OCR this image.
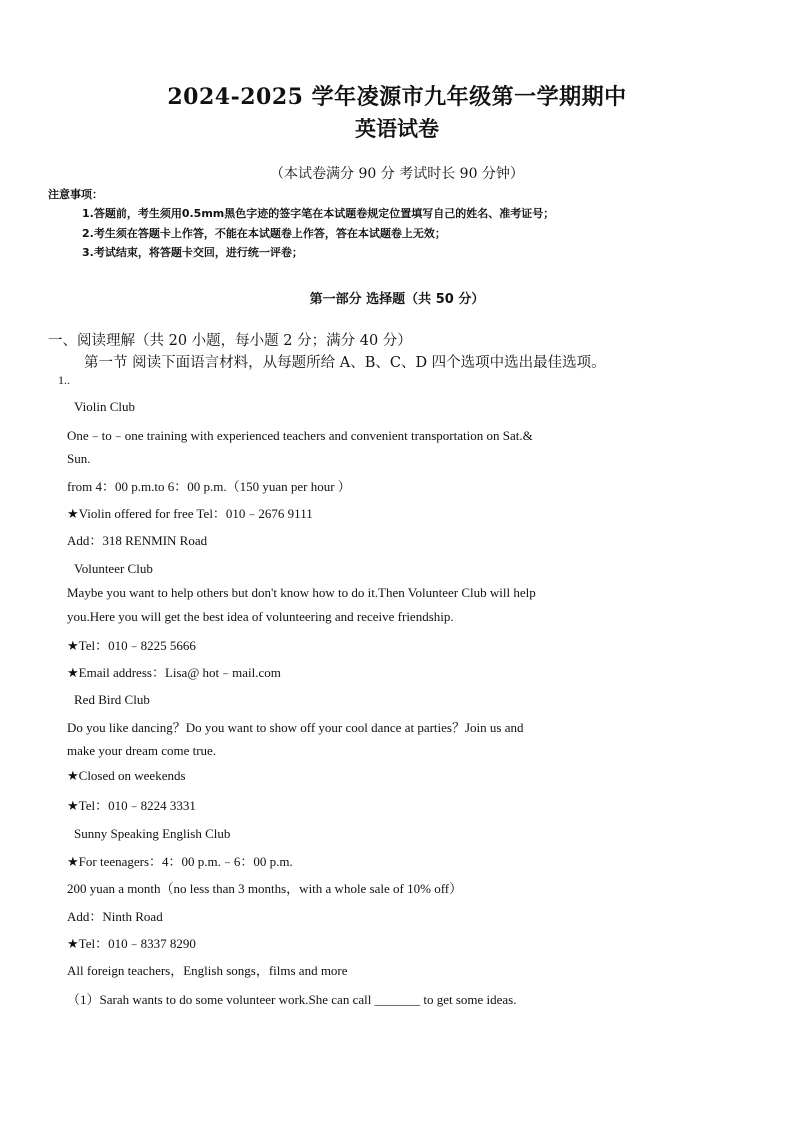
2024-2025 学年凌源市九年级第一学期期中
英语试卷
（本试卷满分 90 分 考试时长 90 分钟）
注意事项：
1.答题前，考生须用0.5mm黑色字迹的签字笔在本试题卷规定位置填写自己的姓名、准考证号；
2.考生须在答题卡上作答，不能在本试题卷上作答，答在本试题卷上无效；
3.考试结束，将答题卡交回，进行统一评卷；
第一部分 选择题（共 50 分）
一、阅读理解（共 20 小题，每小题 2 分；满分 40 分）
第一节 阅读下面语言材料，从每题所给 A、B、C、D 四个选项中选出最佳选项。
1..
Violin Club
One﹣to﹣one training with experienced teachers and convenient transportation on Sat.&
Sun.
from 4：00 p.m.to 6：00 p.m.（150 yuan per hour ）
★Violin offered for free Tel：010﹣2676 9111
Add：318 RENMIN Road
Volunteer Club
Maybe you want to help others but don't know how to do it.Then Volunteer Club will help
you.Here you will get the best idea of volunteering and receive friendship.
★Tel：010﹣8225 5666
★Email address：Lisa@ hot﹣mail.com
Red Bird Club
Do you like dancing？Do you want to show off your cool dance at parties？Join us and
make your dream come true.
★Closed on weekends
★Tel：010﹣8224 3331
Sunny Speaking English Club
★For teenagers：4：00 p.m.﹣6：00 p.m.
200 yuan a month（no less than 3 months，with a whole sale of 10% off）
Add：Ninth Road
★Tel：010﹣8337 8290
All foreign teachers，English songs，films and more
（1）Sarah wants to do some volunteer work.She can call _______ to get some ideas.
